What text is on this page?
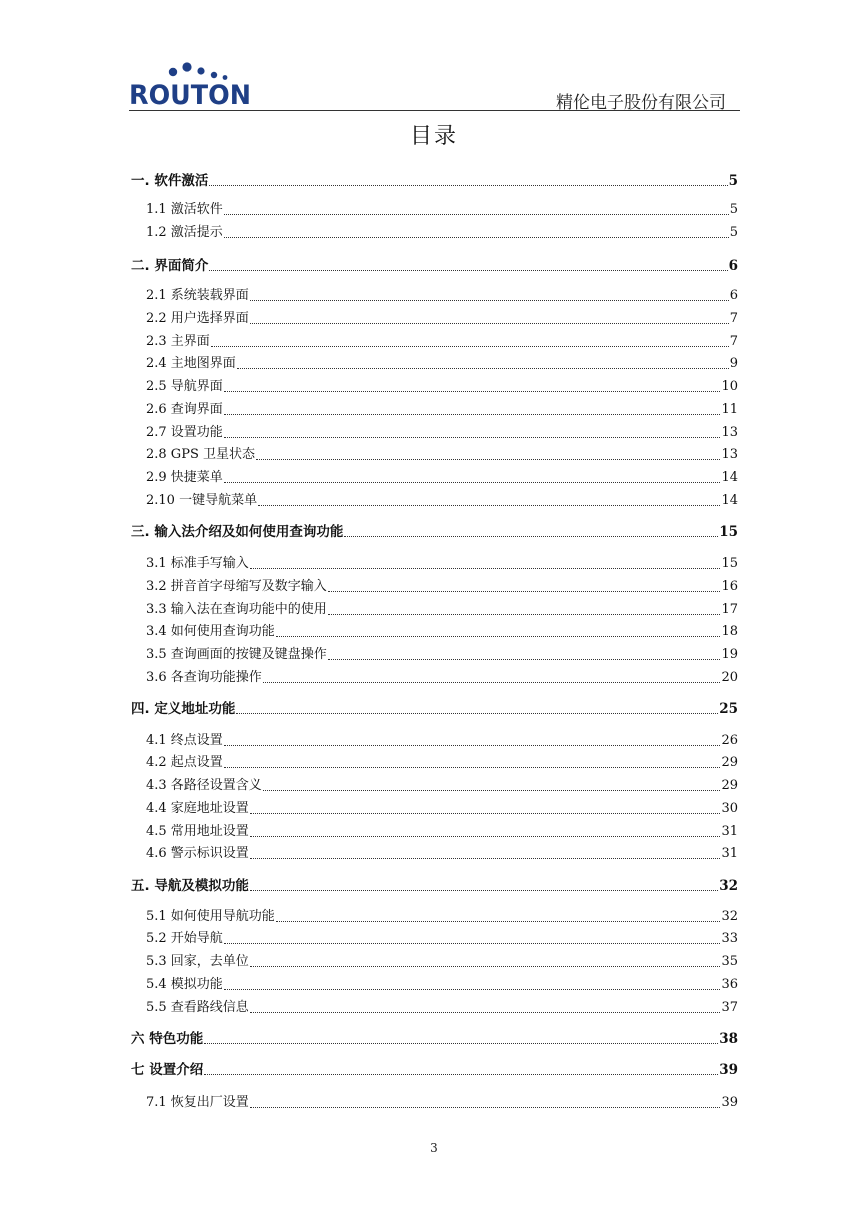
ROUTON	精伦电子股份有限公司
目录
一. 软件激活	5
1.1 激活软件	5
1.2 激活提示	5
二. 界面简介	6
2.1 系统装载界面	6
2.2 用户选择界面	7
2.3 主界面	7
2.4 主地图界面	9
2.5 导航界面	10
2.6 查询界面	11
2.7 设置功能	13
2.8 GPS 卫星状态	13
2.9 快捷菜单	14
2.10 一键导航菜单	14
三. 输入法介绍及如何使用查询功能	15
3.1 标准手写输入	15
3.2 拼音首字母缩写及数字输入	16
3.3 输入法在查询功能中的使用	17
3.4 如何使用查询功能	18
3.5 查询画面的按键及键盘操作	19
3.6 各查询功能操作	20
四. 定义地址功能	25
4.1 终点设置	26
4.2 起点设置	29
4.3 各路径设置含义	29
4.4 家庭地址设置	30
4.5 常用地址设置	31
4.6 警示标识设置	31
五. 导航及模拟功能	32
5.1 如何使用导航功能	32
5.2 开始导航	33
5.3 回家，去单位	35
5.4 模拟功能	36
5.5 查看路线信息	37
六 特色功能	38
七 设置介绍	39
7.1 恢复出厂设置	39
3
